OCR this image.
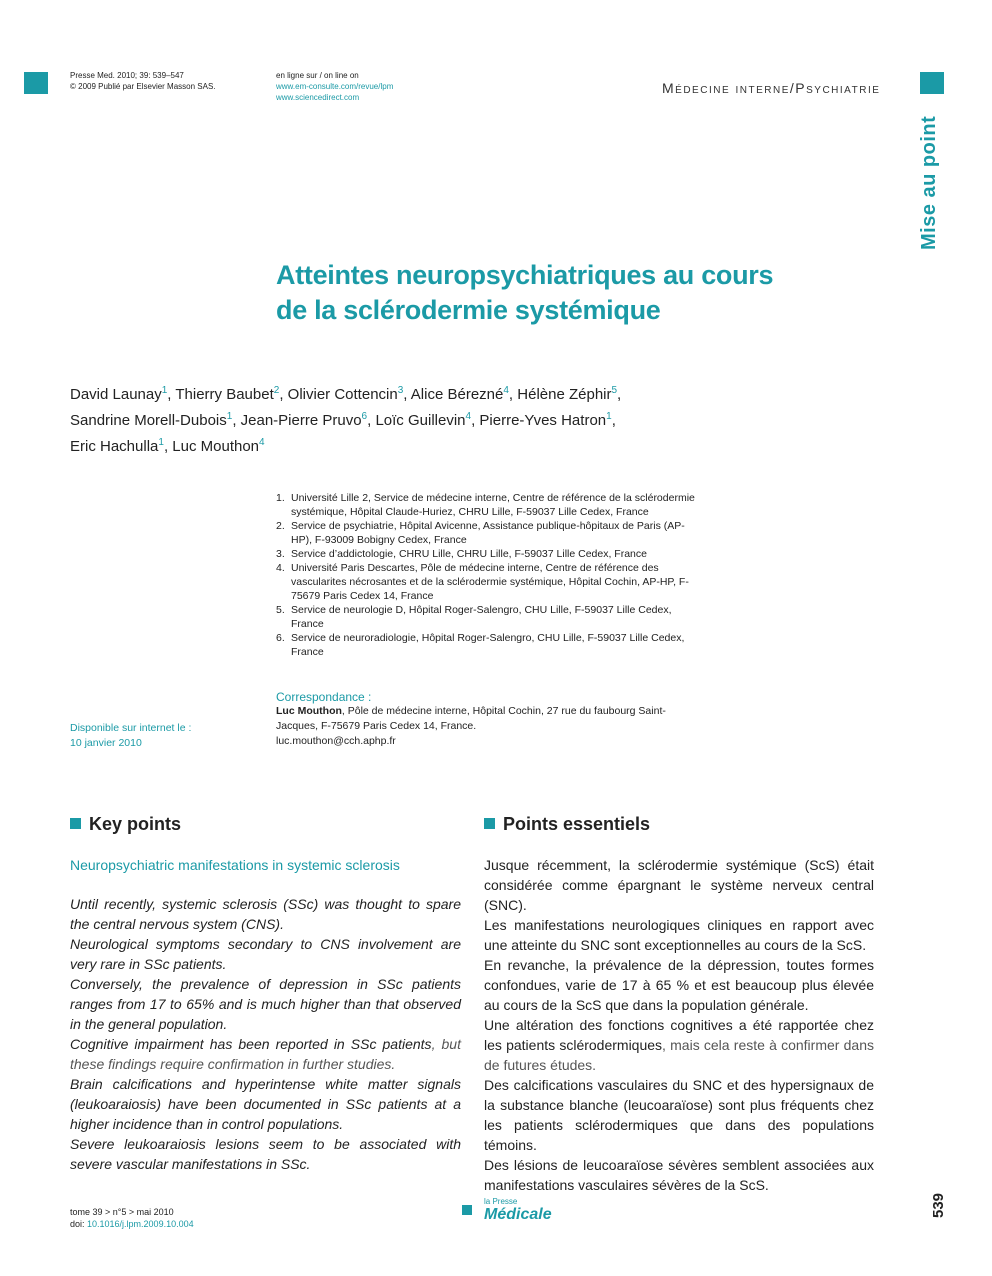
Presse Med. 2010; 39: 539–547
© 2009 Publié par Elsevier Masson SAS.
en ligne sur / on line on
www.em-consulte.com/revue/lpm
www.sciencedirect.com
Médecine interne/Psychiatrie
Mise au point
Atteintes neuropsychiatriques au cours
de la sclérodermie systémique
David Launay$^1$, Thierry Baubet$^2$, Olivier Cottencin$^3$, Alice Bérezné$^4$, Hélène Zéphir$^5$,
Sandrine Morell-Dubois$^1$, Jean-Pierre Pruvo$^6$, Loïc Guillevin$^4$, Pierre-Yves Hatron$^1$,
Eric Hachulla$^1$, Luc Mouthon$^4$
1. Université Lille 2, Service de médecine interne, Centre de référence de la sclérodermie systémique, Hôpital Claude-Huriez, CHRU Lille, F-59037 Lille Cedex, France
2. Service de psychiatrie, Hôpital Avicenne, Assistance publique-hôpitaux de Paris (AP-HP), F-93009 Bobigny Cedex, France
3. Service d’addictologie, CHRU Lille, CHRU Lille, F-59037 Lille Cedex, France
4. Université Paris Descartes, Pôle de médecine interne, Centre de référence des vascularites nécrosantes et de la sclérodermie systémique, Hôpital Cochin, AP-HP, F-75679 Paris Cedex 14, France
5. Service de neurologie D, Hôpital Roger-Salengro, CHU Lille, F-59037 Lille Cedex, France
6. Service de neuroradiologie, Hôpital Roger-Salengro, CHU Lille, F-59037 Lille Cedex, France
Disponible sur internet le :
10 janvier 2010
Correspondance :
Luc Mouthon, Pôle de médecine interne, Hôpital Cochin, 27 rue du faubourg Saint-Jacques, F-75679 Paris Cedex 14, France.
luc.mouthon@cch.aphp.fr
Key points
Neuropsychiatric manifestations in systemic sclerosis

Until recently, systemic sclerosis (SSc) was thought to spare the central nervous system (CNS).

Neurological symptoms secondary to CNS involvement are very rare in SSc patients.

Conversely, the prevalence of depression in SSc patients ranges from 17 to 65% and is much higher than that observed in the general population.

Cognitive impairment has been reported in SSc patients, but these findings require confirmation in further studies.

Brain calcifications and hyperintense white matter signals (leukoaraiosis) have been documented in SSc patients at a higher incidence than in control populations.

Severe leukoaraiosis lesions seem to be associated with severe vascular manifestations in SSc.

Points essentiels

Jusque récemment, la sclérodermie systémique (ScS) était considérée comme épargnant le système nerveux central (SNC).

Les manifestations neurologiques cliniques en rapport avec une atteinte du SNC sont exceptionnelles au cours de la ScS.

En revanche, la prévalence de la dépression, toutes formes confondues, varie de 17 à 65 % et est beaucoup plus élevée au cours de la ScS que dans la population générale.

Une altération des fonctions cognitives a été rapportée chez les patients sclérodermiques, mais cela reste à confirmer dans de futures études.

Des calcifications vasculaires du SNC et des hypersignaux de la substance blanche (leucoaraïose) sont plus fréquents chez les patients sclérodermiques que dans des populations témoins.

Des lésions de leucoaraïose sévères semblent associées aux manifestations vasculaires sévères de la ScS.

tome 39 > n°5 > mai 2010
doi: 10.1016/j.lpm.2009.10.004
la Presse
Médicale	539
